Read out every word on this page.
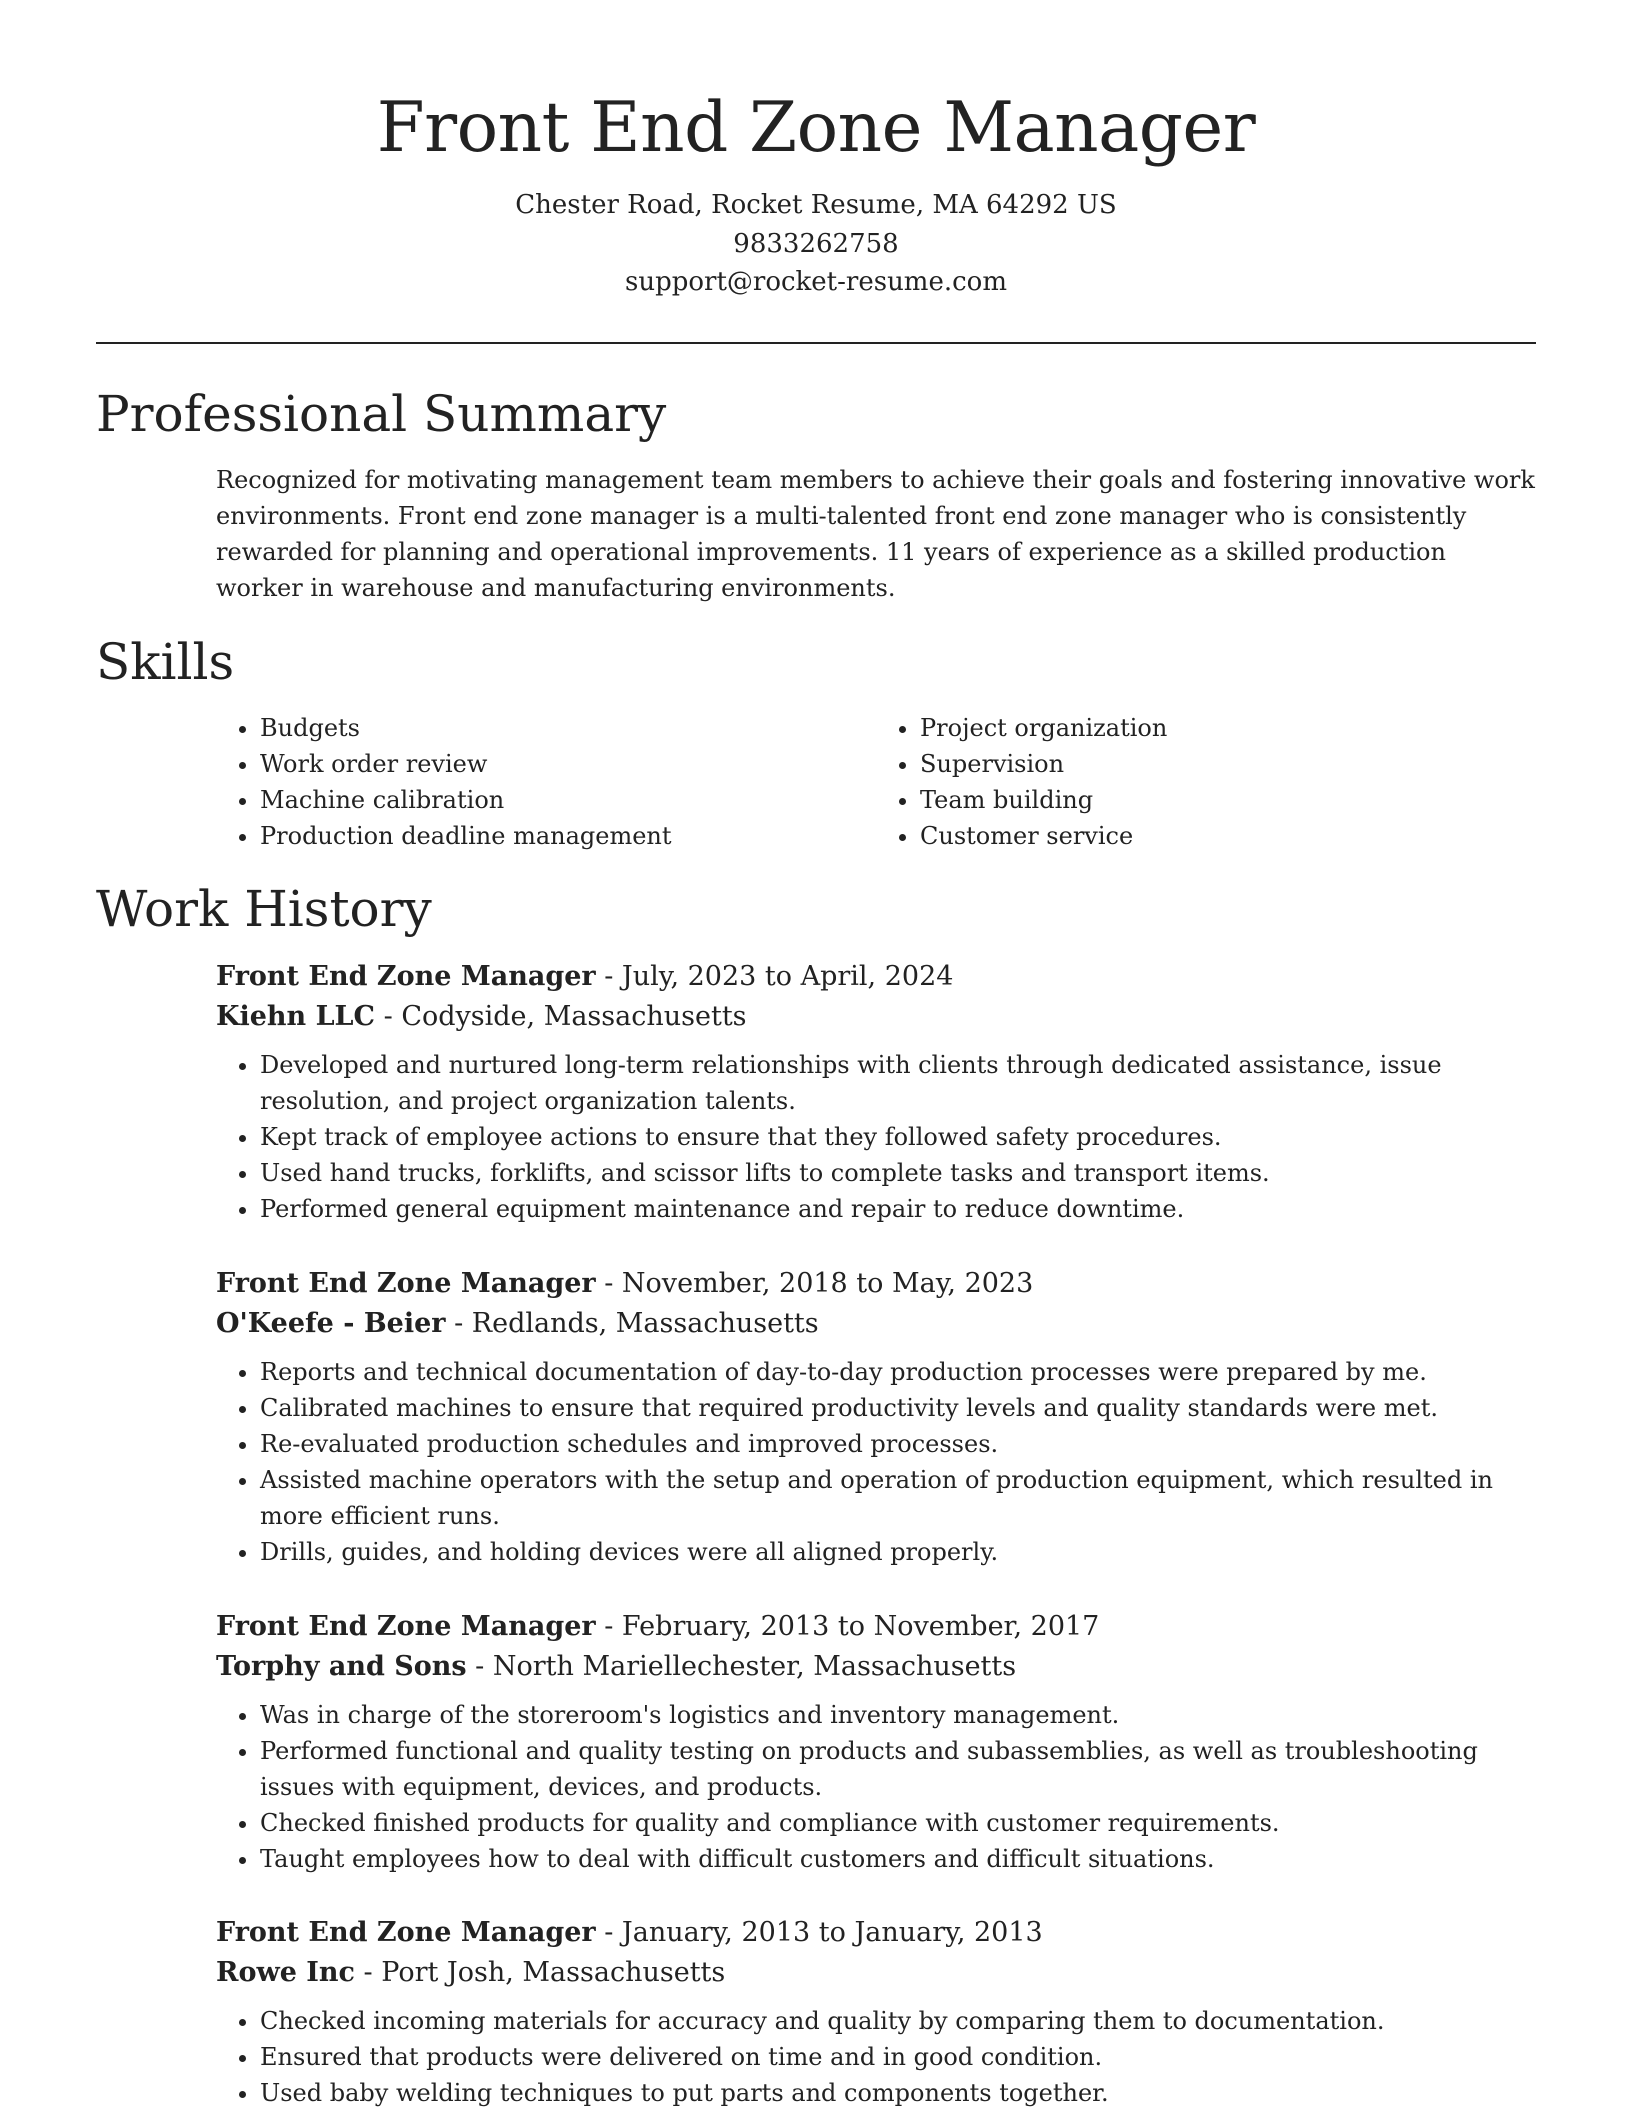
Front End Zone Manager
Chester Road, Rocket Resume, MA 64292 US
9833262758
support@rocket-resume.com
Professional Summary

Recognized for motivating management team members to achieve their goals and fostering innovative work environments. Front end zone manager is a multi-talented front end zone manager who is consistently rewarded for planning and operational improvements. 11 years of experience as a skilled production worker in warehouse and manufacturing environments.

Skills
• Budgets
• Work order review
• Machine calibration
• Production deadline management
• Project organization
• Supervision
• Team building
• Customer service
Work History
Front End Zone Manager - July, 2023 to April, 2024
Kiehn LLC - Codyside, Massachusetts
• Developed and nurtured long-term relationships with clients through dedicated assistance, issue resolution, and project organization talents.
• Kept track of employee actions to ensure that they followed safety procedures.
• Used hand trucks, forklifts, and scissor lifts to complete tasks and transport items.
• Performed general equipment maintenance and repair to reduce downtime.
Front End Zone Manager - November, 2018 to May, 2023
O'Keefe - Beier - Redlands, Massachusetts
• Reports and technical documentation of day-to-day production processes were prepared by me.
• Calibrated machines to ensure that required productivity levels and quality standards were met.
• Re-evaluated production schedules and improved processes.
• Assisted machine operators with the setup and operation of production equipment, which resulted in more efficient runs.
• Drills, guides, and holding devices were all aligned properly.
Front End Zone Manager - February, 2013 to November, 2017
Torphy and Sons - North Mariellechester, Massachusetts
• Was in charge of the storeroom's logistics and inventory management.
• Performed functional and quality testing on products and subassemblies, as well as troubleshooting issues with equipment, devices, and products.
• Checked finished products for quality and compliance with customer requirements.
• Taught employees how to deal with difficult customers and difficult situations.
Front End Zone Manager - January, 2013 to January, 2013
Rowe Inc - Port Josh, Massachusetts
• Checked incoming materials for accuracy and quality by comparing them to documentation.
• Ensured that products were delivered on time and in good condition.
• Used baby welding techniques to put parts and components together.
